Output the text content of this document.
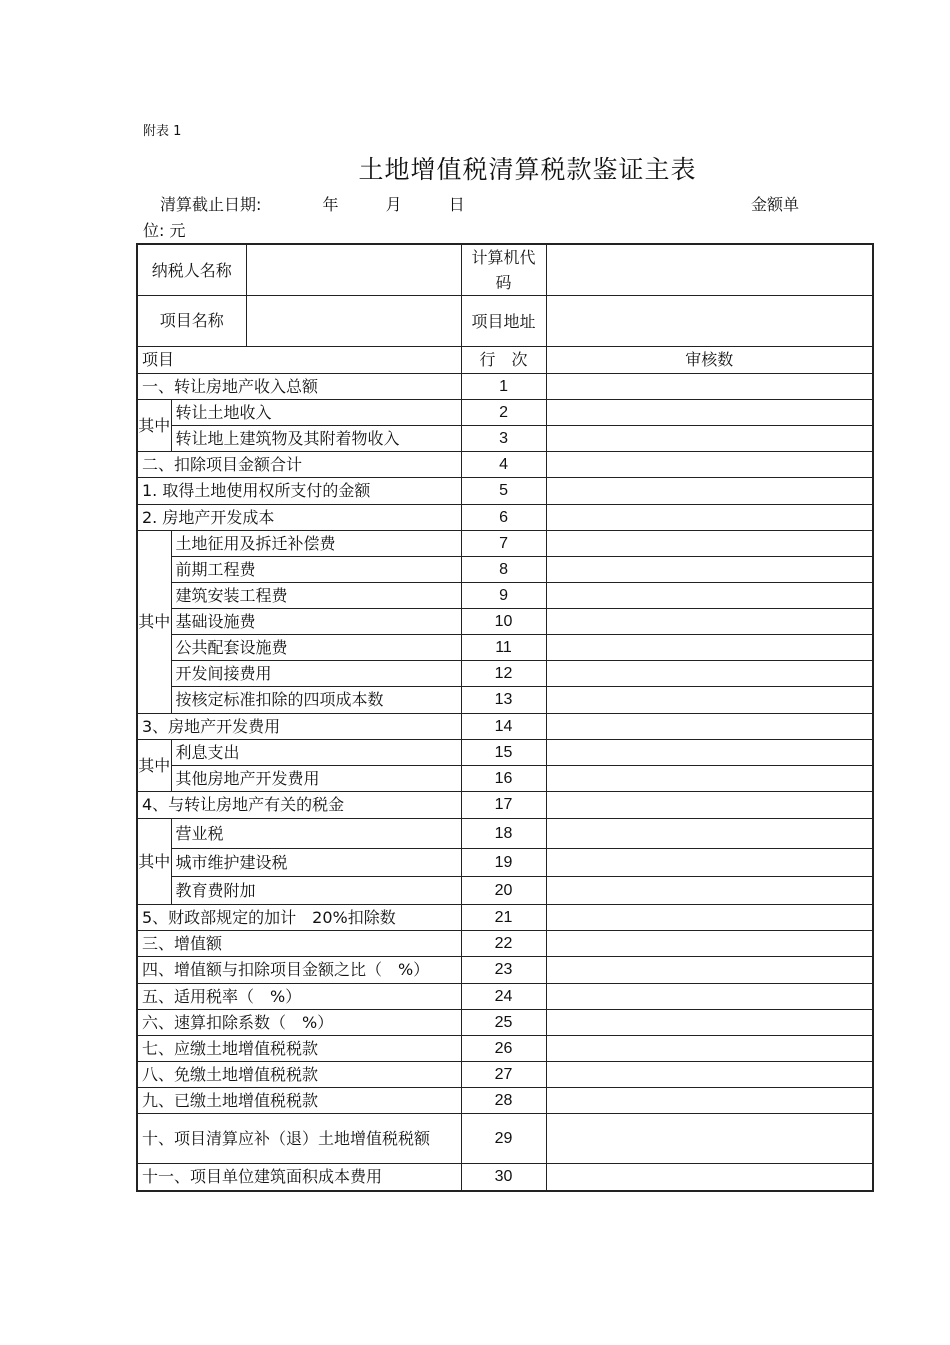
附表 1
土地增值税清算税款鉴证主表
清算截止日期:	年	月	日	金额单
位: 元
纳税人名称			计算机代码	
项目名称			项目地址	
项目			行　次	审核数
一、转让房地产收入总额			1	
其中	转让土地收入		2	
	转让地上建筑物及其附着物收入		3	
二、扣除项目金额合计			4	
1. 取得土地使用权所支付的金额			5	
2. 房地产开发成本			6	
其中	土地征用及拆迁补偿费		7	
	前期工程费		8	
	建筑安装工程费		9	
	基础设施费		10	
	公共配套设施费		11	
	开发间接费用		12	
	按核定标准扣除的四项成本数		13	
3、房地产开发费用			14	
其中	利息支出		15	
	其他房地产开发费用		16	
4、与转让房地产有关的税金			17	
其中	营业税		18	
	城市维护建设税		19	
	教育费附加		20	
5、财政部规定的加计　20%扣除数			21	
三、增值额			22	
四、增值额与扣除项目金额之比（　%）			23	
五、适用税率（　%）			24	
六、速算扣除系数（　%）			25	
七、应缴土地增值税税款			26	
八、免缴土地增值税税款			27	
九、已缴土地增值税税款			28	
十、项目清算应补（退）土地增值税税额			29	
十一、项目单位建筑面积成本费用			30	
